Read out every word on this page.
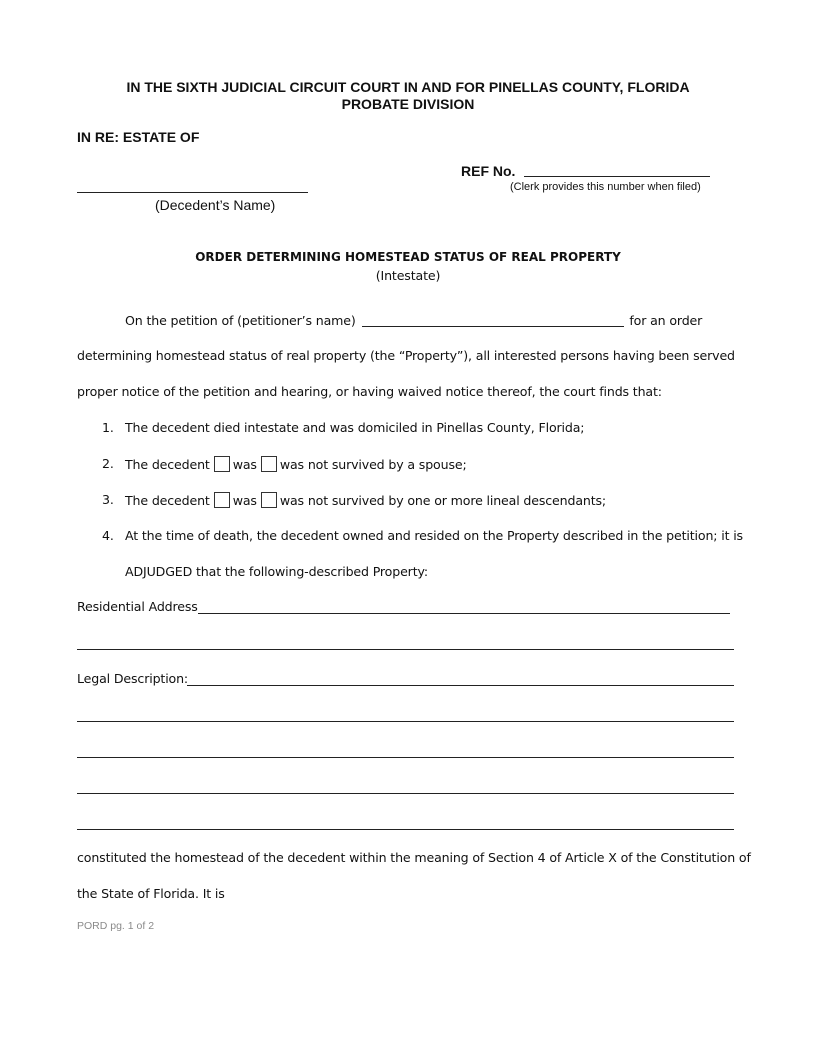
IN THE SIXTH JUDICIAL CIRCUIT COURT IN AND FOR PINELLAS COUNTY, FLORIDA
PROBATE DIVISION
IN RE: ESTATE OF
REF No.
(Clerk provides this number when filed)
(Decedent’s Name)
ORDER DETERMINING HOMESTEAD STATUS OF REAL PROPERTY
(Intestate)
On the petition of (petitioner’s name)	for an order
determining homestead status of real property (the “Property”), all interested persons having been served
proper notice of the petition and hearing, or having waived notice thereof, the court finds that:
1. The decedent died intestate and was domiciled in Pinellas County, Florida;
2. The decedent was was not survived by a spouse;
3. The decedent was was not survived by one or more lineal descendants;
4. At the time of death, the decedent owned and resided on the Property described in the petition; it is
ADJUDGED that the following-described Property:
Residential Address
Legal Description:
constituted the homestead of the decedent within the meaning of Section 4 of Article X of the Constitution of
the State of Florida. It is
PORD pg. 1 of 2
